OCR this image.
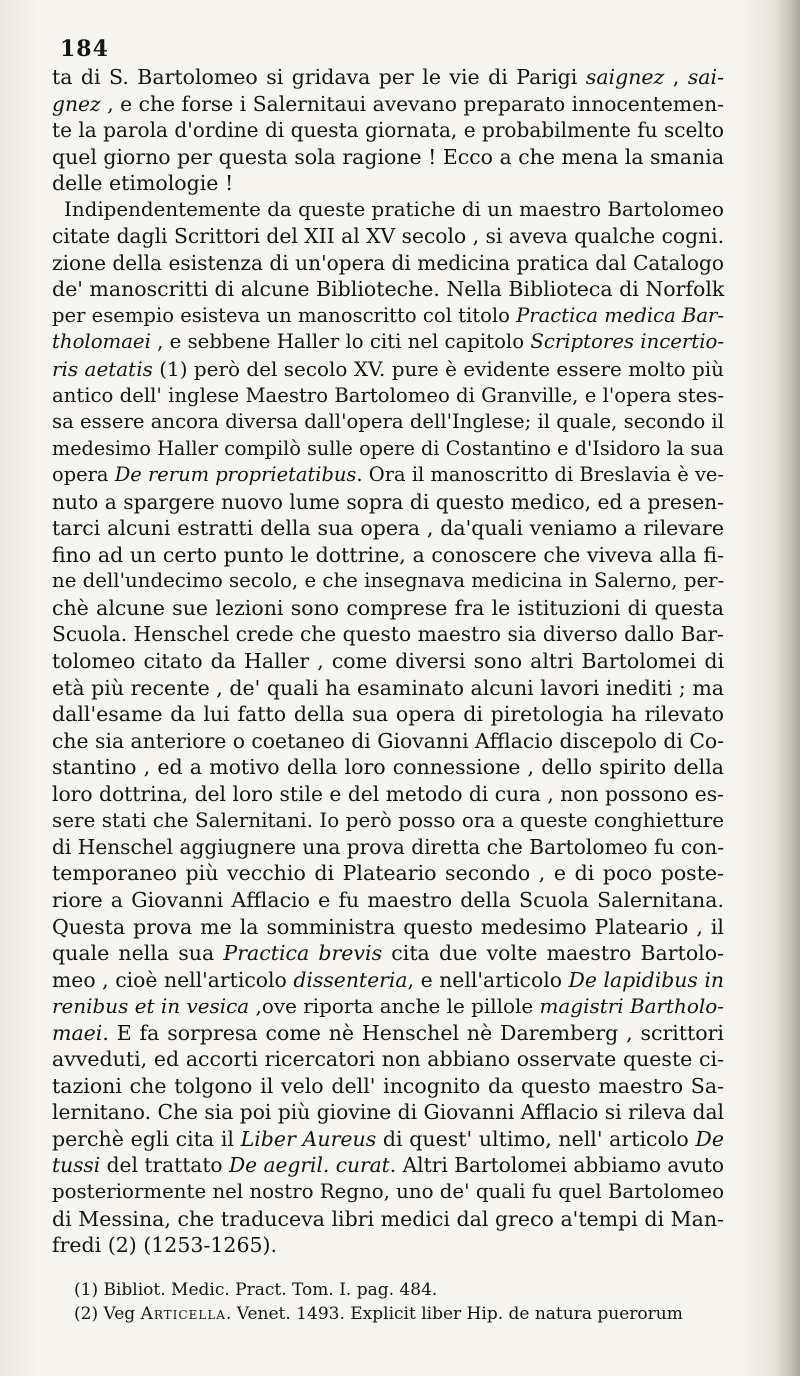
184
ta di S. Bartolomeo si gridava per le vie di Parigi saignez , sai-
gnez , e che forse i Salernitaui avevano preparato innocentemen-
te la parola d'ordine di questa giornata, e probabilmente fu scelto
quel giorno per questa sola ragione ! Ecco a che mena la smania
delle etimologie !
Indipendentemente da queste pratiche di un maestro Bartolomeo
citate dagli Scrittori del XII al XV secolo , si aveva qualche cogni.
zione della esistenza di un'opera di medicina pratica dal Catalogo
de' manoscritti di alcune Biblioteche. Nella Biblioteca di Norfolk
per esempio esisteva un manoscritto col titolo Practica medica Bar-
tholomaei , e sebbene Haller lo citi nel capitolo Scriptores incertio-
ris aetatis (1) però del secolo XV. pure è evidente essere molto più
antico dell' inglese Maestro Bartolomeo di Granville, e l'opera stes-
sa essere ancora diversa dall'opera dell'Inglese; il quale, secondo il
medesimo Haller compilò sulle opere di Costantino e d'Isidoro la sua
opera De rerum proprietatibus. Ora il manoscritto di Breslavia è ve-
nuto a spargere nuovo lume sopra di questo medico, ed a presen-
tarci alcuni estratti della sua opera , da'quali veniamo a rilevare
fino ad un certo punto le dottrine, a conoscere che viveva alla fi-
ne dell'undecimo secolo, e che insegnava medicina in Salerno, per-
chè alcune sue lezioni sono comprese fra le istituzioni di questa
Scuola. Henschel crede che questo maestro sia diverso dallo Bar-
tolomeo citato da Haller , come diversi sono altri Bartolomei di
età più recente , de' quali ha esaminato alcuni lavori inediti ; ma
dall'esame da lui fatto della sua opera di piretologia ha rilevato
che sia anteriore o coetaneo di Giovanni Afflacio discepolo di Co-
stantino , ed a motivo della loro connessione , dello spirito della
loro dottrina, del loro stile e del metodo di cura , non possono es-
sere stati che Salernitani. Io però posso ora a queste conghietture
di Henschel aggiugnere una prova diretta che Bartolomeo fu con-
temporaneo più vecchio di Plateario secondo , e di poco poste-
riore a Giovanni Afflacio e fu maestro della Scuola Salernitana.
Questa prova me la somministra questo medesimo Plateario , il
quale nella sua Practica brevis cita due volte maestro Bartolo-
meo , cioè nell'articolo dissenteria, e nell'articolo De lapidibus in
renibus et in vesica ,ove riporta anche le pillole magistri Bartholo-
maei. E fa sorpresa come nè Henschel nè Daremberg , scrittori
avveduti, ed accorti ricercatori non abbiano osservate queste ci-
tazioni che tolgono il velo dell' incognito da questo maestro Sa-
lernitano. Che sia poi più giovine di Giovanni Afflacio si rileva dal
perchè egli cita il Liber Aureus di quest' ultimo, nell' articolo De
tussi del trattato De aegril. curat. Altri Bartolomei abbiamo avuto
posteriormente nel nostro Regno, uno de' quali fu quel Bartolomeo
di Messina, che traduceva libri medici dal greco a'tempi di Man-
fredi (2) (1253-1265).
(1) Bibliot. Medic. Pract. Tom. I. pag. 484.
(2) Veg Articella. Venet. 1493. Explicit liber Hip. de natura puerorum
